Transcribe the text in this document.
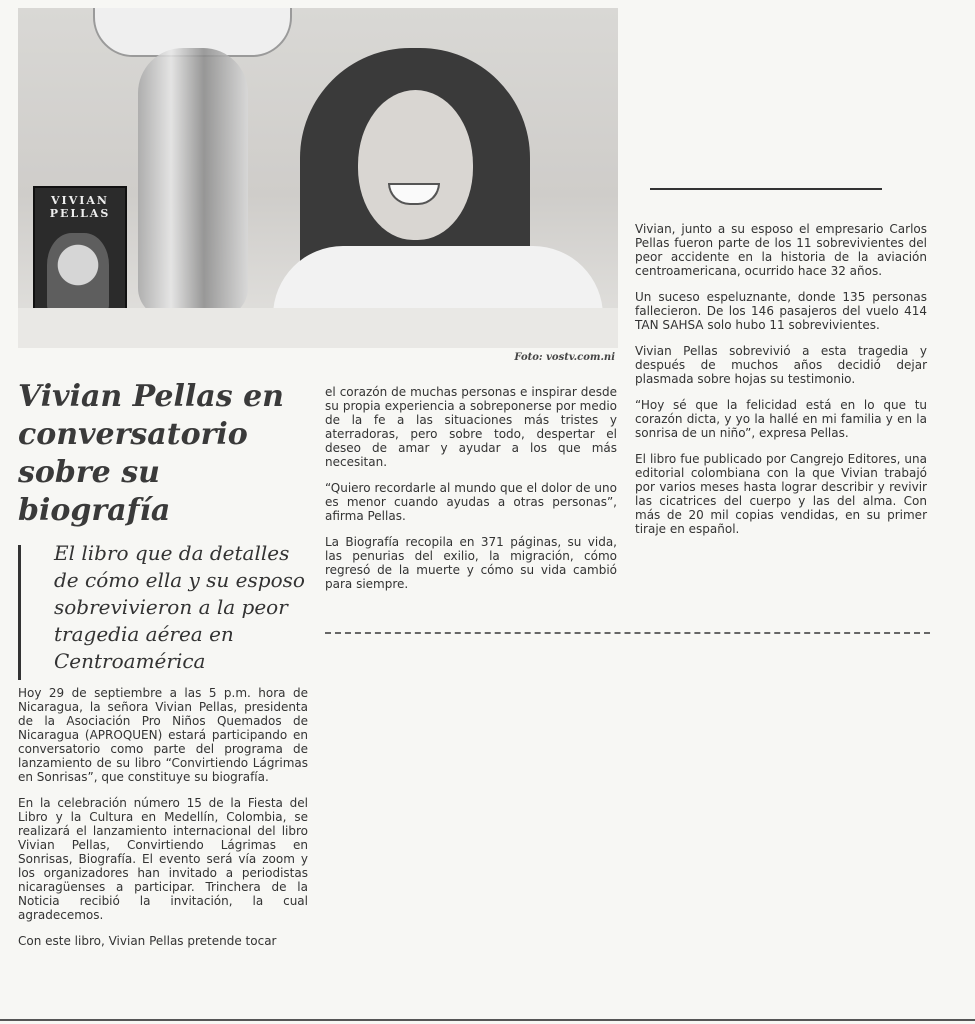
VIVIAN
PELLAS
Foto: vostv.com.ni
Vivian Pellas en conversatorio sobre su biografía

El libro que da detalles de cómo ella y su esposo sobrevivieron a la peor tragedia aérea en Centroamérica

Hoy 29 de septiembre a las 5 p.m. hora de Nicaragua, la señora Vivian Pellas, presidenta de la Asociación Pro Niños Quemados de Nicaragua (APROQUEN) estará participando en conversatorio como parte del programa de lanzamiento de su libro “Convirtiendo Lágrimas en Sonrisas”, que constituye su biografía.

En la celebración número 15 de la Fiesta del Libro y la Cultura en Medellín, Colombia, se realizará el lanzamiento internacional del libro Vivian Pellas, Convirtiendo Lágrimas en Sonrisas, Biografía. El evento será vía zoom y los organizadores han invitado a periodistas nicaragüenses a participar. Trinchera de la Noticia recibió la invitación, la cual agradecemos.

Con este libro, Vivian Pellas pretende tocar

el corazón de muchas personas e inspirar desde su propia experiencia a sobreponerse por medio de la fe a las situaciones más tristes y aterradoras, pero sobre todo, despertar el deseo de amar y ayudar a los que más necesitan.

“Quiero recordarle al mundo que el dolor de uno es menor cuando ayudas a otras personas”, afirma Pellas.

La Biografía recopila en 371 páginas, su vida, las penurias del exilio, la migración, cómo regresó de la muerte y cómo su vida cambió para siempre.

Vivian, junto a su esposo el empresario Carlos Pellas fueron parte de los 11 sobrevivientes del peor accidente en la historia de la aviación centroamericana, ocurrido hace 32 años.

Un suceso espeluznante, donde 135 personas fallecieron. De los 146 pasajeros del vuelo 414 TAN SAHSA solo hubo 11 sobrevivientes.

Vivian Pellas sobrevivió a esta tragedia y después de muchos años decidió dejar plasmada sobre hojas su testimonio.

“Hoy sé que la felicidad está en lo que tu corazón dicta, y yo la hallé en mi familia y en la sonrisa de un niño”, expresa Pellas.

El libro fue publicado por Cangrejo Editores, una editorial colombiana con la que Vivian trabajó por varios meses hasta lograr describir y revivir las cicatrices del cuerpo y las del alma. Con más de 20 mil copias vendidas, en su primer tiraje en español.
